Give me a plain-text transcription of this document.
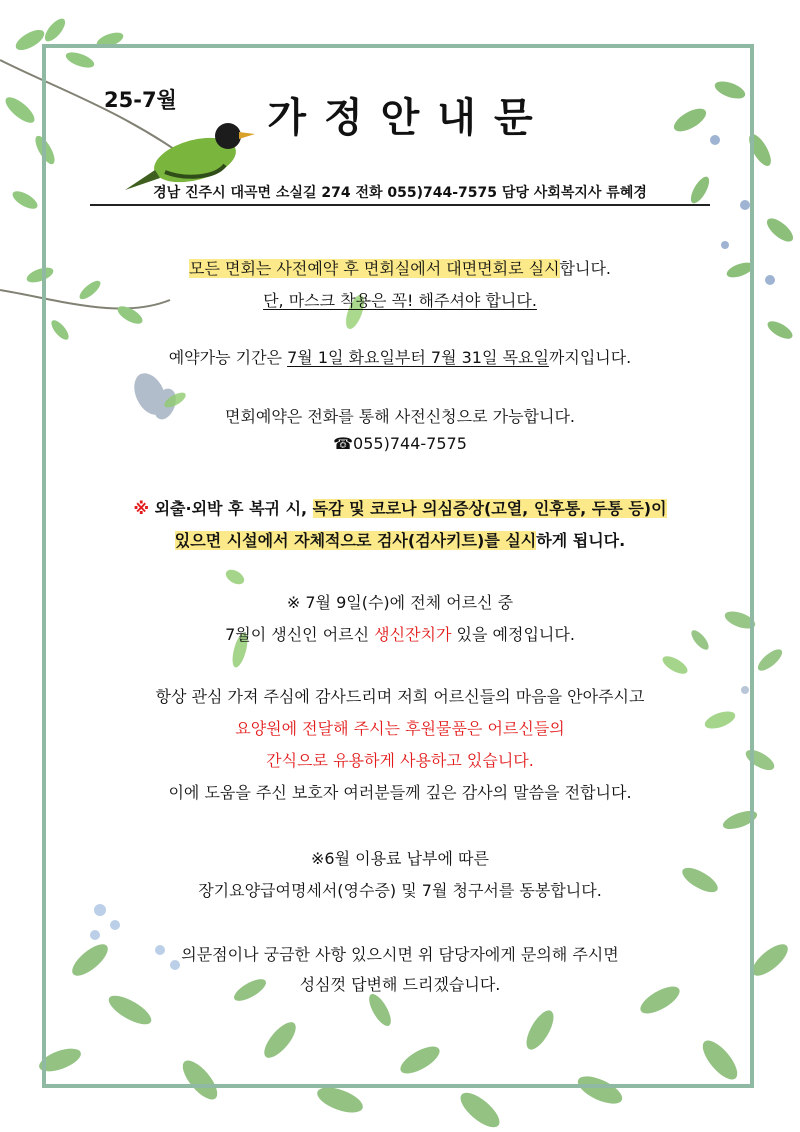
25-7월	가정안내문
경남 진주시 대곡면 소실길 274 전화 055)744-7575 담당 사회복지사 류혜경
모든 면회는 사전예약 후 면회실에서 대면면회로 실시합니다.
단, 마스크 착용은 꼭! 해주셔야 합니다.
예약가능 기간은 7월 1일 화요일부터 7월 31일 목요일까지입니다.
면회예약은 전화를 통해 사전신청으로 가능합니다.
☎055)744-7575
※ 외출·외박 후 복귀 시, 독감 및 코로나 의심증상(고열, 인후통, 두통 등)이
있으면 시설에서 자체적으로 검사(검사키트)를 실시하게 됩니다.
※ 7월 9일(수)에 전체 어르신 중
7월이 생신인 어르신 생신잔치가 있을 예정입니다.
항상 관심 가져 주심에 감사드리며 저희 어르신들의 마음을 안아주시고
요양원에 전달해 주시는 후원물품은 어르신들의
간식으로 유용하게 사용하고 있습니다.
이에 도움을 주신 보호자 여러분들께 깊은 감사의 말씀을 전합니다.
※6월 이용료 납부에 따른
장기요양급여명세서(영수증) 및 7월 청구서를 동봉합니다.
의문점이나 궁금한 사항 있으시면 위 담당자에게 문의해 주시면
성심껏 답변해 드리겠습니다.
